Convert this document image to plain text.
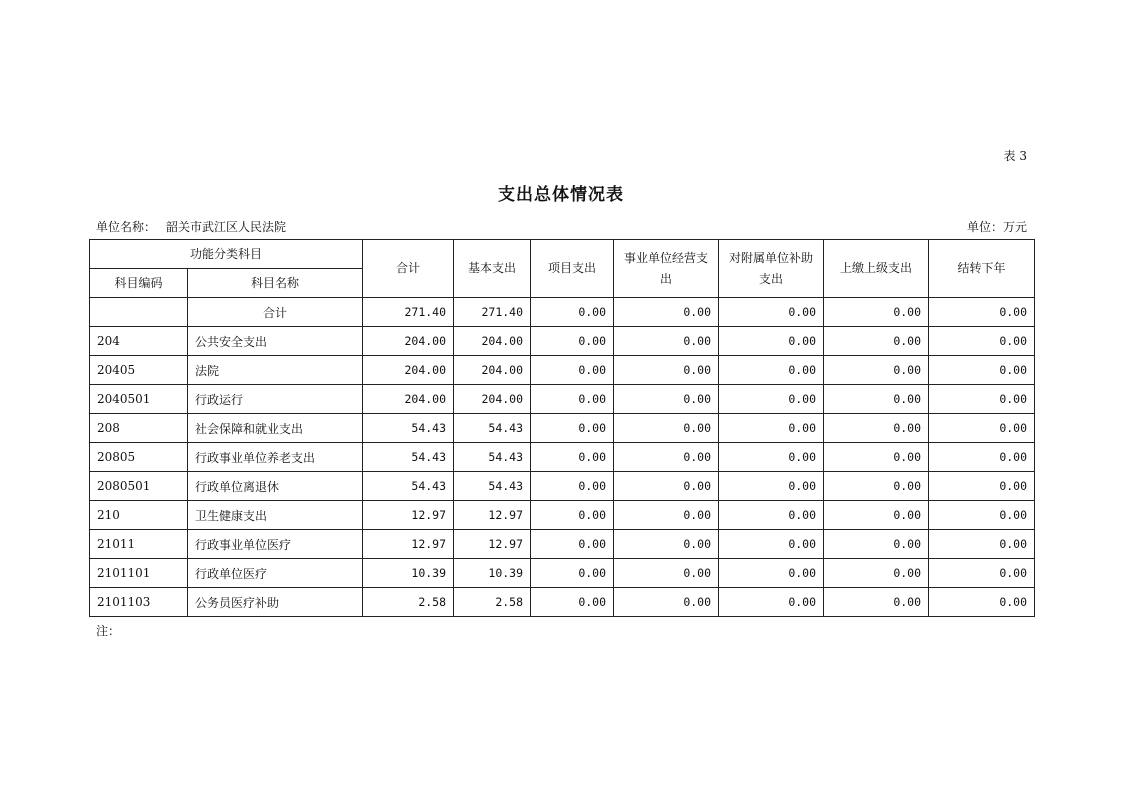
表 3
支出总体情况表
单位名称： 韶关市武江区人民法院	单位：万元
功能分类科目		合计	基本支出	项目支出	事业单位经营支出	对附属单位补助支出	上缴上级支出	结转下年
科目编码	科目名称							
	合计	271.40	271.40	0.00	0.00	0.00	0.00	0.00
204	公共安全支出	204.00	204.00	0.00	0.00	0.00	0.00	0.00
20405	法院	204.00	204.00	0.00	0.00	0.00	0.00	0.00
2040501	行政运行	204.00	204.00	0.00	0.00	0.00	0.00	0.00
208	社会保障和就业支出	54.43	54.43	0.00	0.00	0.00	0.00	0.00
20805	行政事业单位养老支出	54.43	54.43	0.00	0.00	0.00	0.00	0.00
2080501	行政单位离退休	54.43	54.43	0.00	0.00	0.00	0.00	0.00
210	卫生健康支出	12.97	12.97	0.00	0.00	0.00	0.00	0.00
21011	行政事业单位医疗	12.97	12.97	0.00	0.00	0.00	0.00	0.00
2101101	行政单位医疗	10.39	10.39	0.00	0.00	0.00	0.00	0.00
2101103	公务员医疗补助	2.58	2.58	0.00	0.00	0.00	0.00	0.00
注：
